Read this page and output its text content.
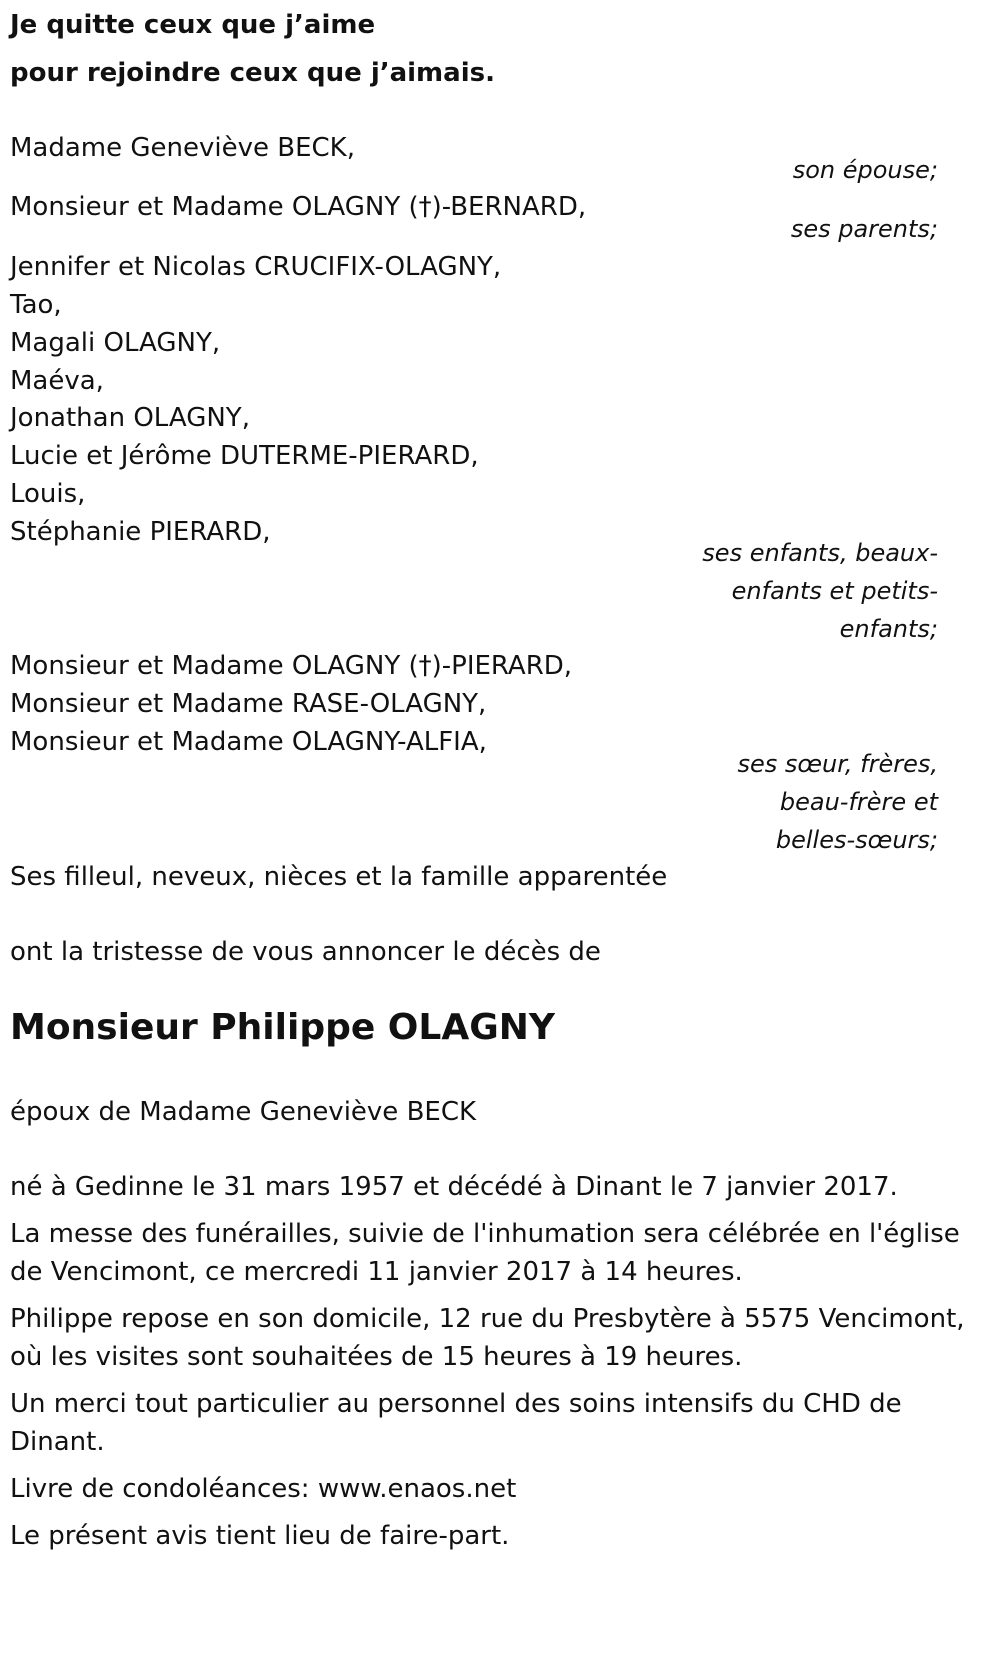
Je quitte ceux que j’aime
pour rejoindre ceux que j’aimais.
Madame Geneviève BECK,
son épouse;
Monsieur et Madame OLAGNY (†)-BERNARD,
ses parents;
Jennifer et Nicolas CRUCIFIX-OLAGNY,
Tao,
Magali OLAGNY,
Maéva,
Jonathan OLAGNY,
Lucie et Jérôme DUTERME-PIERARD,
Louis,
Stéphanie PIERARD,
ses enfants, beaux-
enfants et petits-
enfants;
Monsieur et Madame OLAGNY (†)-PIERARD,
Monsieur et Madame RASE-OLAGNY,
Monsieur et Madame OLAGNY-ALFIA,
ses sœur, frères,
beau-frère et
belles-sœurs;
Ses filleul, neveux, nièces et la famille apparentée
ont la tristesse de vous annoncer le décès de
Monsieur Philippe OLAGNY
époux de Madame Geneviève BECK
né à Gedinne le 31 mars 1957 et décédé à Dinant le 7 janvier 2017.
La messe des funérailles, suivie de l'inhumation sera célébrée en l'église
de Vencimont, ce mercredi 11 janvier 2017 à 14 heures.
Philippe repose en son domicile, 12 rue du Presbytère à 5575 Vencimont,
où les visites sont souhaitées de 15 heures à 19 heures.
Un merci tout particulier au personnel des soins intensifs du CHD de
Dinant.
Livre de condoléances: www.enaos.net
Le présent avis tient lieu de faire-part.
